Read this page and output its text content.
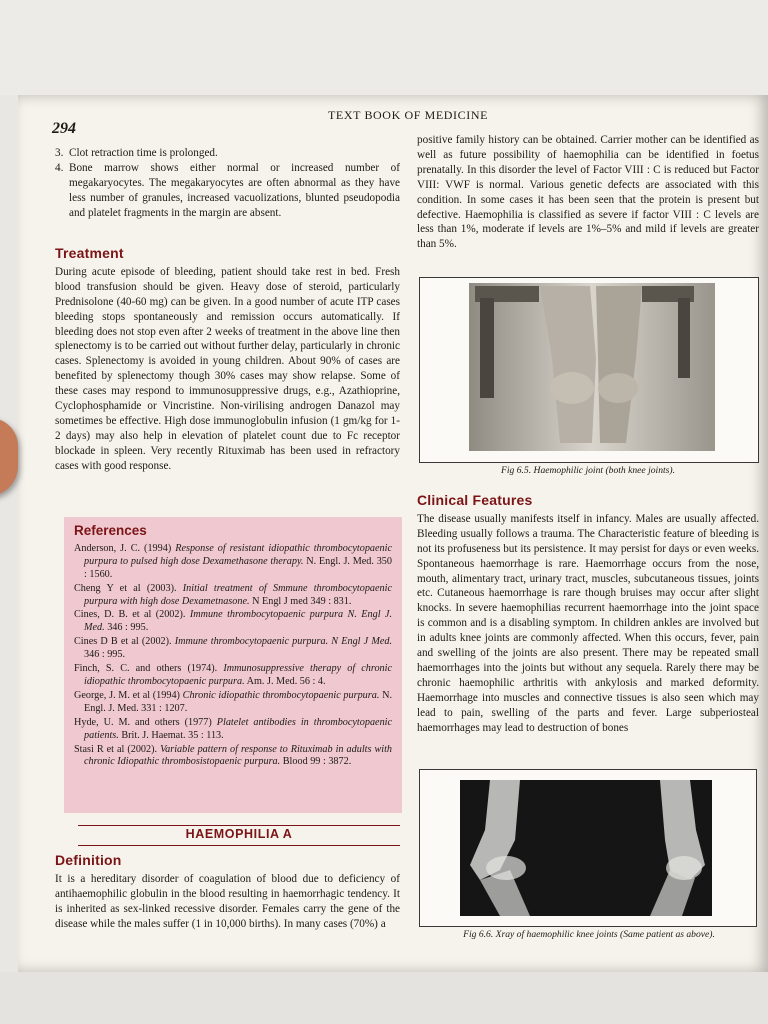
TEXT BOOK OF MEDICINE
294
3. Clot retraction time is prolonged.
4. Bone marrow shows either normal or increased number of megakaryocytes. The megakaryocytes are often abnormal as they have less number of granules, increased vacuolizations, blunted pseudopodia and platelet fragments in the margin are absent.
Treatment

During acute episode of bleeding, patient should take rest in bed. Fresh blood transfusion should be given. Heavy dose of steroid, particularly Prednisolone (40-60 mg) can be given. In a good number of acute ITP cases bleeding stops spontaneously and remission occurs automatically. If bleeding does not stop even after 2 weeks of treatment in the above line then splenectomy is to be carried out without further delay, particularly in chronic cases. Splenectomy is avoided in young children. About 90% of cases are benefited by splenectomy though 30% cases may show relapse. Some of these cases may respond to immunosuppressive drugs, e.g., Azathioprine, Cyclophosphamide or Vincristine. Non-virilising androgen Danazol may sometimes be effective. High dose immunoglobulin infusion (1 gm/kg for 1-2 days) may also help in elevation of platelet count due to Fc receptor blockade in spleen. Very recently Rituximab has been used in refractory cases with good response.

References
Anderson, J. C. (1994) Response of resistant idiopathic thrombocytopaenic purpura to pulsed high dose Dexamethasone therapy. N. Engl. J. Med. 350 : 1560.
Cheng Y et al (2003). Initial treatment of Smmune thrombocytopaenic purpura with high dose Dexametnasone. N Engl J med 349 : 831.
Cines, D. B. et al (2002). Immune thrombocytopaenic purpura N. Engl J. Med. 346 : 995.
Cines D B et al (2002). Immune thrombocytopaenic purpura. N Engl J Med. 346 : 995.
Finch, S. C. and others (1974). Immunosuppressive therapy of chronic idiopathic thrombocytopaenic purpura. Am. J. Med. 56 : 4.
George, J. M. et al (1994) Chronic idiopathic thrombocytopaenic purpura. N. Engl. J. Med. 331 : 1207.
Hyde, U. M. and others (1977) Platelet antibodies in thrombocytopaenic patients. Brit. J. Haemat. 35 : 113.
Stasi R et al (2002). Variable pattern of response to Rituximab in adults with chronic Idiopathic thrombosistopaenic purpura. Blood 99 : 3872.
HAEMOPHILIA A
Definition

It is a hereditary disorder of coagulation of blood due to deficiency of antihaemophilic globulin in the blood resulting in haemorrhagic tendency. It is inherited as sex-linked recessive disorder. Females carry the gene of the disease while the males suffer (1 in 10,000 births). In many cases (70%) a

positive family history can be obtained. Carrier mother can be identified as well as future possibility of haemophilia can be identified in foetus prenatally. In this disorder the level of Factor VIII : C is reduced but Factor VIII: VWF is normal. Various genetic defects are associated with this condition. In some cases it has been seen that the protein is present but defective. Haemophilia is classified as severe if factor VIII : C levels are less than 1%, moderate if levels are 1%–5% and mild if levels are greater than 5%.
Fig 6.5. Haemophilic joint (both knee joints).
Clinical Features

The disease usually manifests itself in infancy. Males are usually affected. Bleeding usually follows a trauma. The Characteristic feature of bleeding is not its profuseness but its persistence. It may persist for days or even weeks. Spontaneous haemorrhage is rare. Haemorrhage occurs from the nose, mouth, alimentary tract, urinary tract, muscles, subcutaneous tissues, joints etc. Cutaneous haemorrhage is rare though bruises may occur after slight knocks. In severe haemophilias recurrent haemorrhage into the joint space is common and is a disabling symptom. In children ankles are involved but in adults knee joints are commonly affected. When this occurs, fever, pain and swelling of the joints are also present. There may be repeated small haemorrhages into the joints but without any sequela. Rarely there may be chronic haemophilic arthritis with ankylosis and marked deformity. Haemorrhage into muscles and connective tissues is also seen which may lead to pain, swelling of the parts and fever. Large subperiosteal haemorrhages may lead to destruction of bones

Fig 6.6. Xray of haemophilic knee joints (Same patient as above).
